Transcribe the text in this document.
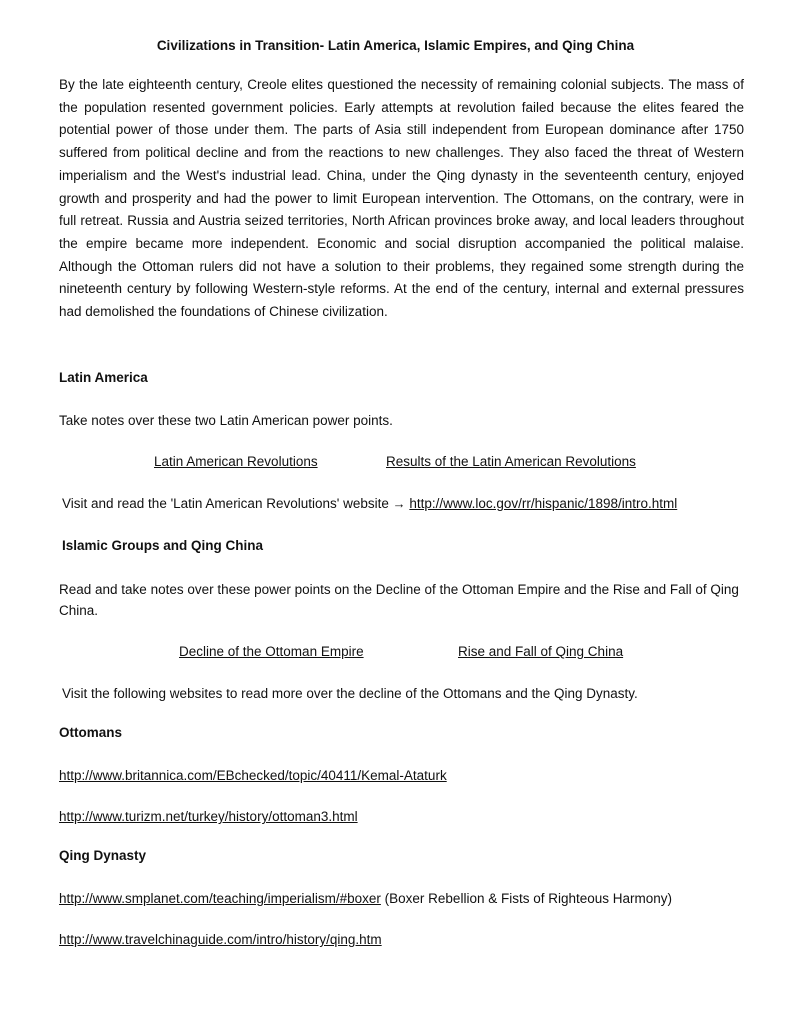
Civilizations in Transition- Latin America, Islamic Empires, and Qing China

By the late eighteenth century, Creole elites questioned the necessity of remaining colonial subjects. The mass of the population resented government policies. Early attempts at revolution failed because the elites feared the potential power of those under them. The parts of Asia still independent from European dominance after 1750 suffered from political decline and from the reactions to new challenges. They also faced the threat of Western imperialism and the West's industrial lead. China, under the Qing dynasty in the seventeenth century, enjoyed growth and prosperity and had the power to limit European intervention. The Ottomans, on the contrary, were in full retreat. Russia and Austria seized territories, North African provinces broke away, and local leaders throughout the empire became more independent. Economic and social disruption accompanied the political malaise. Although the Ottoman rulers did not have a solution to their problems, they regained some strength during the nineteenth century by following Western-style reforms. At the end of the century, internal and external pressures had demolished the foundations of Chinese civilization.

Latin America
Take notes over these two Latin American power points.
Latin American Revolutions	Results of the Latin American Revolutions
Visit and read the 'Latin American Revolutions' website → http://www.loc.gov/rr/hispanic/1898/intro.html
Islamic Groups and Qing China
Read and take notes over these power points on the Decline of the Ottoman Empire and the Rise and Fall of Qing China.
Decline of the Ottoman Empire	Rise and Fall of Qing China
Visit the following websites to read more over the decline of the Ottomans and the Qing Dynasty.
Ottomans
http://www.britannica.com/EBchecked/topic/40411/Kemal-Ataturk
http://www.turizm.net/turkey/history/ottoman3.html
Qing Dynasty
http://www.smplanet.com/teaching/imperialism/#boxer (Boxer Rebellion & Fists of Righteous Harmony)
http://www.travelchinaguide.com/intro/history/qing.htm
